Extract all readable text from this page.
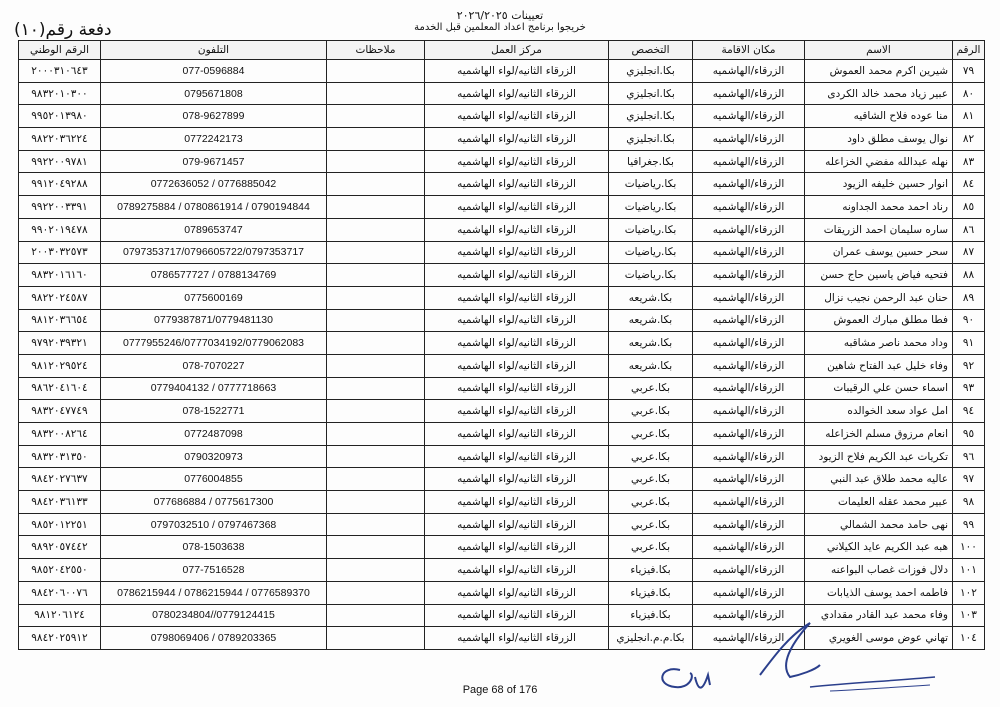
دفعة رقم(١٠)
تعيينات ٢٠٢٦/٢٠٢٥
خريجوا برنامج اعداد المعلمين قبل الخدمة
الرقم	الاسم	مكان الاقامة	التخصص	مركز العمل	ملاحظات	التلفون	الرقم الوطني
٧٩	شيرين اكرم محمد العموش	الزرقاء/الهاشميه	بكا.انجليزي	الزرقاء الثانيه/لواء الهاشميه		077-0596884	٢٠٠٠٣١٠٦٤٣
٨٠	عبير زياد محمد خالد الكردى	الزرقاء/الهاشميه	بكا.انجليزي	الزرقاء الثانيه/لواء الهاشميه		0795671808	٩٨٣٢٠١٠٣٠٠
٨١	منا عوده فلاح الشاقيه	الزرقاء/الهاشميه	بكا.انجليزي	الزرقاء الثانيه/لواء الهاشميه		078-9627899	٩٩٥٢٠١٣٩٨٠
٨٢	نوال يوسف مطلق داود	الزرقاء/الهاشميه	بكا.انجليزي	الزرقاء الثانيه/لواء الهاشميه		0772242173	٩٨٢٢٠٣٦٢٢٤
٨٣	نهله عبدالله مفضي الخزاعله	الزرقاء/الهاشميه	بكا.جغرافيا	الزرقاء الثانيه/لواء الهاشميه		079-9671457	٩٩٢٢٠٠٩٧٨١
٨٤	انوار حسين خليفه الزيود	الزرقاء/الهاشميه	بكا.رياضيات	الزرقاء الثانيه/لواء الهاشميه		0772636052 / 0776885042	٩٩١٢٠٤٩٢٨٨
٨٥	رناد احمد محمد الجداونه	الزرقاء/الهاشميه	بكا.رياضيات	الزرقاء الثانيه/لواء الهاشميه		0789275884 / 0780861914 / 0790194844	٩٩٢٢٠٠٣٣٩١
٨٦	ساره سليمان احمد الزريقات	الزرقاء/الهاشميه	بكا.رياضيات	الزرقاء الثانيه/لواء الهاشميه		0789653747	٩٩٠٢٠١٩٤٧٨
٨٧	سحر حسين يوسف عمران	الزرقاء/الهاشميه	بكا.رياضيات	الزرقاء الثانيه/لواء الهاشميه		0797353717/0796605722/0797353717	٢٠٠٣٠٣٢٥٧٣
٨٨	فتحيه فياض ياسين حاج حسن	الزرقاء/الهاشميه	بكا.رياضيات	الزرقاء الثانيه/لواء الهاشميه		0786577727 / 0788134769	٩٨٣٢٠١٦١٦٠
٨٩	حنان عبد الرحمن نجيب نزال	الزرقاء/الهاشميه	بكا.شريعه	الزرقاء الثانيه/لواء الهاشميه		0775600169	٩٨٢٢٠٢٤٥٨٧
٩٠	فطا مطلق مبارك العموش	الزرقاء/الهاشميه	بكا.شريعه	الزرقاء الثانيه/لواء الهاشميه		0779387871/0779481130	٩٨١٢٠٣٦٦٥٤
٩١	وداد محمد ناصر مشاقبه	الزرقاء/الهاشميه	بكا.شريعه	الزرقاء الثانيه/لواء الهاشميه		0777955246/0777034192/0779062083	٩٧٩٢٠٣٩٣٢١
٩٢	وفاء خليل عبد الفتاح شاهين	الزرقاء/الهاشميه	بكا.شريعه	الزرقاء الثانيه/لواء الهاشميه		078-7070227	٩٨١٢٠٢٩٥٢٤
٩٣	اسماء حسن علي الرقيبات	الزرقاء/الهاشميه	بكا.عربي	الزرقاء الثانيه/لواء الهاشميه		0779404132 / 0777718663	٩٨٦٢٠٤١٦٠٤
٩٤	امل عواد سعد الخوالده	الزرقاء/الهاشميه	بكا.عربي	الزرقاء الثانيه/لواء الهاشميه		078-1522771	٩٨٣٢٠٤٧٧٤٩
٩٥	انعام مرزوق مسلم الخزاعله	الزرقاء/الهاشميه	بكا.عربي	الزرقاء الثانيه/لواء الهاشميه		0772487098	٩٨٣٢٠٠٨٢٦٤
٩٦	تكريات عبد الكريم فلاح الزيود	الزرقاء/الهاشميه	بكا.عربي	الزرقاء الثانيه/لواء الهاشميه		0790320973	٩٨٣٢٠٣١٣٥٠
٩٧	عاليه محمد طلاق عبد النبي	الزرقاء/الهاشميه	بكا.عربي	الزرقاء الثانيه/لواء الهاشميه		0776004855	٩٨٤٢٠٢٧٦٣٧
٩٨	عبير محمد عقله العليمات	الزرقاء/الهاشميه	بكا.عربي	الزرقاء الثانيه/لواء الهاشميه		077686884 / 0775617300	٩٨٤٢٠٣٦١٣٣
٩٩	نهى حامد محمد الشمالي	الزرقاء/الهاشميه	بكا.عربي	الزرقاء الثانيه/لواء الهاشميه		0797032510 / 0797467368	٩٨٥٢٠١٢٢٥١
١٠٠	هبه عبد الكريم عايد الكيلاني	الزرقاء/الهاشميه	بكا.عربي	الزرقاء الثانيه/لواء الهاشميه		078-1503638	٩٨٩٢٠٥٧٤٤٢
١٠١	دلال فوزات غصاب البواعنه	الزرقاء/الهاشميه	بكا.فيزياء	الزرقاء الثانيه/لواء الهاشميه		077-7516528	٩٨٥٢٠٤٢٥٥٠
١٠٢	فاطمه احمد يوسف الذيابات	الزرقاء/الهاشميه	بكا.فيزياء	الزرقاء الثانيه/لواء الهاشميه		0786215944 / 0786215944 / 0776589370	٩٨٤٢٠٦٠٠٧٦
١٠٣	وفاء محمد عبد القادر مقدادي	الزرقاء/الهاشميه	بكا.فيزياء	الزرقاء الثانيه/لواء الهاشميه		0780234804//0779124415	٩٨١٢٠٦١٢٤
١٠٤	تهاني عوض موسى الغويري	الزرقاء/الهاشميه	بكا.م.م.انجليزي	الزرقاء الثانيه/لواء الهاشميه		0798069406 / 0789203365	٩٨٤٢٠٢٥٩١٢
Page 68 of 176
